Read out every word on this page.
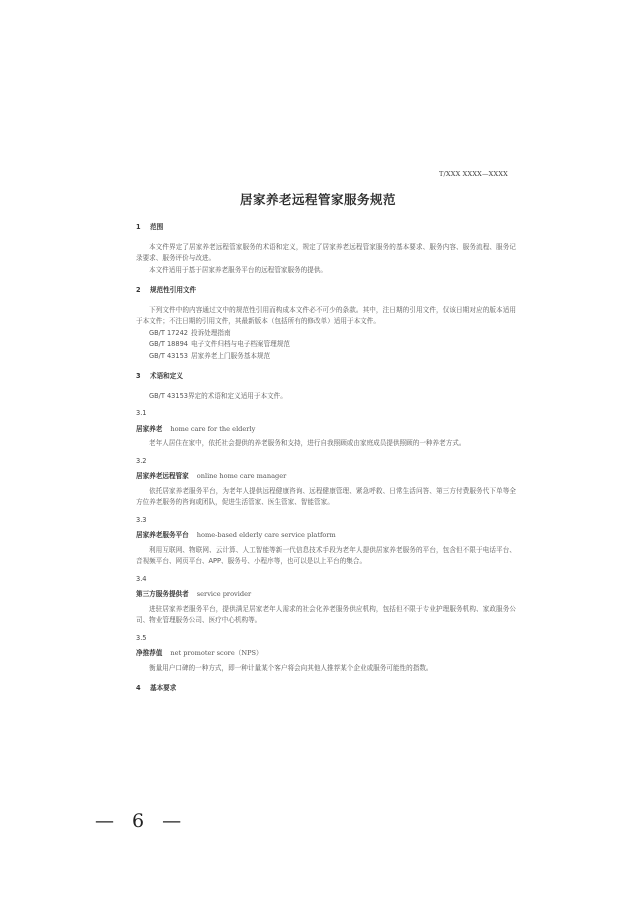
T/XXX XXXX—XXXX
居家养老远程管家服务规范
1 范围

本文件界定了居家养老远程管家服务的术语和定义，规定了居家养老远程管家服务的基本要求、服务内容、服务流程、服务记录要求、服务评价与改进。

本文件适用于基于居家养老服务平台的远程管家服务的提供。

2 规范性引用文件

下列文件中的内容通过文中的规范性引用而构成本文件必不可少的条款。其中，注日期的引用文件，仅该日期对应的版本适用于本文件；不注日期的引用文件，其最新版本（包括所有的修改单）适用于本文件。

GB/T 17242 投诉处理指南
GB/T 18894 电子文件归档与电子档案管理规范
GB/T 43153 居家养老上门服务基本规范
3 术语和定义

GB/T 43153界定的术语和定义适用于本文件。

3.1
居家养老 home care for the elderly

老年人居住在家中，依托社会提供的养老服务和支持，进行自我照顾或由家庭成员提供照顾的一种养老方式。

3.2
居家养老远程管家 online home care manager

依托居家养老服务平台，为老年人提供远程健康咨询、远程健康管理、紧急呼救、日常生活问答、第三方付费服务代下单等全方位养老服务的咨询或团队，促进生活管家、医生管家、智能管家。

3.3
居家养老服务平台 home-based elderly care service platform

利用互联网、物联网、云计算、人工智能等新一代信息技术手段为老年人提供居家养老服务的平台，包含但不限于电话平台、音视频平台、网页平台、APP、服务号、小程序等，也可以是以上平台的集合。

3.4
第三方服务提供者 service provider

进驻居家养老服务平台，提供满足居家老年人需求的社会化养老服务供应机构，包括但不限于专业护理服务机构、家政服务公司、物业管理服务公司、医疗中心机构等。

3.5
净推荐值 net promoter score（NPS）

衡量用户口碑的一种方式，即一种计量某个客户将会向其他人推荐某个企业或服务可能性的指数。

4 基本要求
— 6 —
